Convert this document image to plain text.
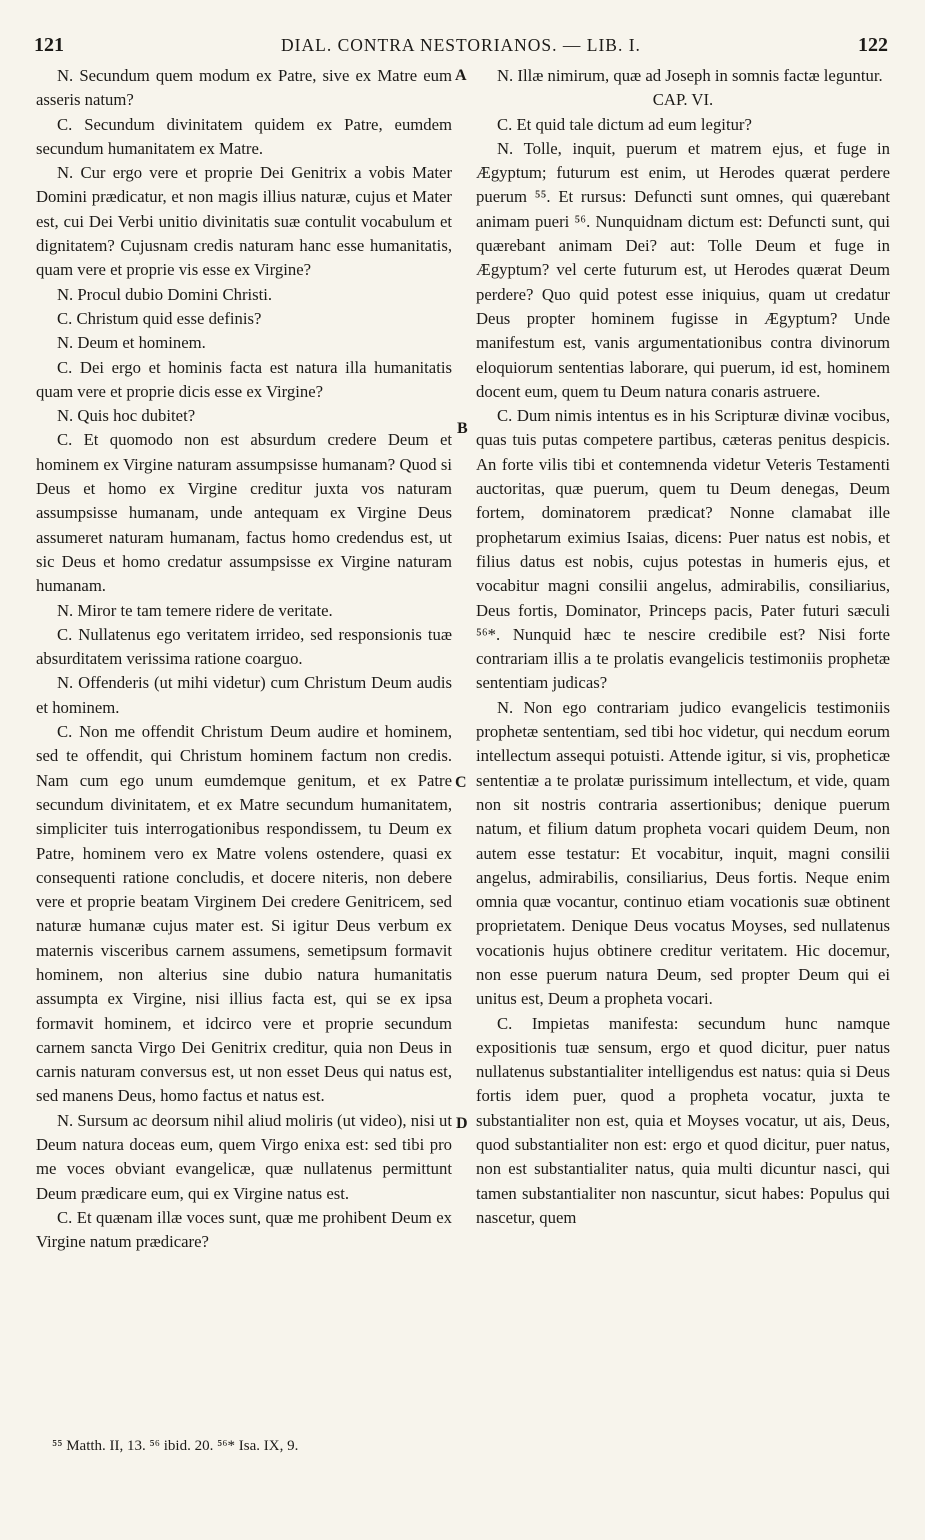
121	DIAL. CONTRA NESTORIANOS. — LIB. I.	122
A
B
C
D

N. Secundum quem modum ex Patre, sive ex Matre eum asseris natum?

C. Secundum divinitatem quidem ex Patre, eumdem secundum humanitatem ex Matre.

N. Cur ergo vere et proprie Dei Genitrix a vobis Mater Domini prædicatur, et non magis illius naturæ, cujus et Mater est, cui Dei Verbi unitio divinitatis suæ contulit vocabulum et dignitatem? Cujusnam credis naturam hanc esse humanitatis, quam vere et proprie vis esse ex Virgine?

N. Procul dubio Domini Christi.

C. Christum quid esse definis?

N. Deum et hominem.

C. Dei ergo et hominis facta est natura illa humanitatis quam vere et proprie dicis esse ex Virgine?

N. Quis hoc dubitet?

C. Et quomodo non est absurdum credere Deum et hominem ex Virgine naturam assumpsisse humanam? Quod si Deus et homo ex Virgine creditur juxta vos naturam assumpsisse humanam, unde antequam ex Virgine Deus assumeret naturam humanam, factus homo credendus est, ut sic Deus et homo credatur assumpsisse ex Virgine naturam humanam.

N. Miror te tam temere ridere de veritate.

C. Nullatenus ego veritatem irrideo, sed responsionis tuæ absurditatem verissima ratione coarguo.

N. Offenderis (ut mihi videtur) cum Christum Deum audis et hominem.

C. Non me offendit Christum Deum audire et hominem, sed te offendit, qui Christum hominem factum non credis. Nam cum ego unum eumdemque genitum, et ex Patre secundum divinitatem, et ex Matre secundum humanitatem, simpliciter tuis interrogationibus respondissem, tu Deum ex Patre, hominem vero ex Matre volens ostendere, quasi ex consequenti ratione concludis, et docere niteris, non debere vere et proprie beatam Virginem Dei credere Genitricem, sed naturæ humanæ cujus mater est. Si igitur Deus verbum ex maternis visceribus carnem assumens, semetipsum formavit hominem, non alterius sine dubio natura humanitatis assumpta ex Virgine, nisi illius facta est, qui se ex ipsa formavit hominem, et idcirco vere et proprie secundum carnem sancta Virgo Dei Genitrix creditur, quia non Deus in carnis naturam conversus est, ut non esset Deus qui natus est, sed manens Deus, homo factus et natus est.

N. Sursum ac deorsum nihil aliud moliris (ut video), nisi ut Deum natura doceas eum, quem Virgo enixa est: sed tibi pro me voces obviant evangelicæ, quæ nullatenus permittunt Deum prædicare eum, qui ex Virgine natus est.

C. Et quænam illæ voces sunt, quæ me prohibent Deum ex Virgine natum prædicare?

N. Illæ nimirum, quæ ad Joseph in somnis factæ leguntur.

CAP. VI.

C. Et quid tale dictum ad eum legitur?

N. Tolle, inquit, puerum et matrem ejus, et fuge in Ægyptum; futurum est enim, ut Herodes quærat perdere puerum ⁵⁵. Et rursus: Defuncti sunt omnes, qui quærebant animam pueri ⁵⁶. Nunquidnam dictum est: Defuncti sunt, qui quærebant animam Dei? aut: Tolle Deum et fuge in Ægyptum? vel certe futurum est, ut Herodes quærat Deum perdere? Quo quid potest esse iniquius, quam ut credatur Deus propter hominem fugisse in Ægyptum? Unde manifestum est, vanis argumentationibus contra divinorum eloquiorum sententias laborare, qui puerum, id est, hominem docent eum, quem tu Deum natura conaris astruere.

C. Dum nimis intentus es in his Scripturæ divinæ vocibus, quas tuis putas competere partibus, cæteras penitus despicis. An forte vilis tibi et contemnenda videtur Veteris Testamenti auctoritas, quæ puerum, quem tu Deum denegas, Deum fortem, dominatorem prædicat? Nonne clamabat ille prophetarum eximius Isaias, dicens: Puer natus est nobis, et filius datus est nobis, cujus potestas in humeris ejus, et vocabitur magni consilii angelus, admirabilis, consiliarius, Deus fortis, Dominator, Princeps pacis, Pater futuri sæculi ⁵⁶*. Nunquid hæc te nescire credibile est? Nisi forte contrariam illis a te prolatis evangelicis testimoniis prophetæ sententiam judicas?

N. Non ego contrariam judico evangelicis testimoniis prophetæ sententiam, sed tibi hoc videtur, qui necdum eorum intellectum assequi potuisti. Attende igitur, si vis, propheticæ sententiæ a te prolatæ purissimum intellectum, et vide, quam non sit nostris contraria assertionibus; denique puerum natum, et filium datum propheta vocari quidem Deum, non autem esse testatur: Et vocabitur, inquit, magni consilii angelus, admirabilis, consiliarius, Deus fortis. Neque enim omnia quæ vocantur, continuo etiam vocationis suæ obtinent proprietatem. Denique Deus vocatus Moyses, sed nullatenus vocationis hujus obtinere creditur veritatem. Hic docemur, non esse puerum natura Deum, sed propter Deum qui ei unitus est, Deum a propheta vocari.

C. Impietas manifesta: secundum hunc namque expositionis tuæ sensum, ergo et quod dicitur, puer natus nullatenus substantialiter intelligendus est natus: quia si Deus fortis idem puer, quod a propheta vocatur, juxta te substantialiter non est, quia et Moyses vocatur, ut ais, Deus, quod substantialiter non est: ergo et quod dicitur, puer natus, non est substantialiter natus, quia multi dicuntur nasci, qui tamen substantialiter non nascuntur, sicut habes: Populus qui nascetur, quem

⁵⁵ Matth. II, 13. ⁵⁶ ibid. 20. ⁵⁶* Isa. IX, 9.
